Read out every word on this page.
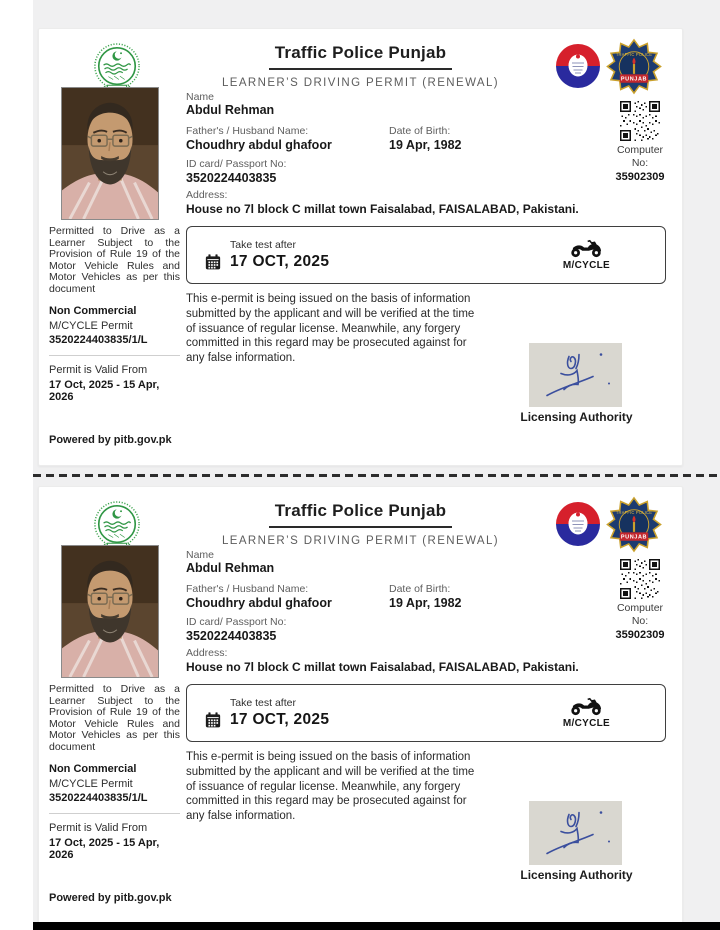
Traffic Police Punjab
LEARNER’S DRIVING PERMIT (RENEWAL)
TRAFFIC POLICE
PUNJAB
Name
Abdul Rehman
Father's / Husband Name:
Choudhry abdul ghafoor
Date of Birth:
19 Apr, 1982
ID card/ Passport No:
3520224403835
Address:
House no 7l block C millat town Faisalabad, FAISALABAD, Pakistani.
Computer
No:
35902309
Permitted to Drive as a Learner Subject to the Provision of Rule 19 of the Motor Vehicle Rules and Motor Vehicles as per this document
Non Commercial
M/CYCLE Permit
3520224403835/1/L
Permit is Valid From
17 Oct, 2025 - 15 Apr, 2026
Take test after
17 OCT, 2025	M/CYCLE
This e-permit is being issued on the basis of information submitted by the applicant and will be verified at the time of issuance of regular license. Meanwhile, any forgery committed in this regard may be prosecuted against for any false information.
Licensing Authority
Powered by pitb.gov.pk
Traffic Police Punjab
LEARNER’S DRIVING PERMIT (RENEWAL)
TRAFFIC POLICE
PUNJAB
Name
Abdul Rehman
Father's / Husband Name:
Choudhry abdul ghafoor
Date of Birth:
19 Apr, 1982
ID card/ Passport No:
3520224403835
Address:
House no 7l block C millat town Faisalabad, FAISALABAD, Pakistani.
Computer
No:
35902309
Permitted to Drive as a Learner Subject to the Provision of Rule 19 of the Motor Vehicle Rules and Motor Vehicles as per this document
Non Commercial
M/CYCLE Permit
3520224403835/1/L
Permit is Valid From
17 Oct, 2025 - 15 Apr, 2026
Take test after
17 OCT, 2025	M/CYCLE
This e-permit is being issued on the basis of information submitted by the applicant and will be verified at the time of issuance of regular license. Meanwhile, any forgery committed in this regard may be prosecuted against for any false information.
Licensing Authority
Powered by pitb.gov.pk
